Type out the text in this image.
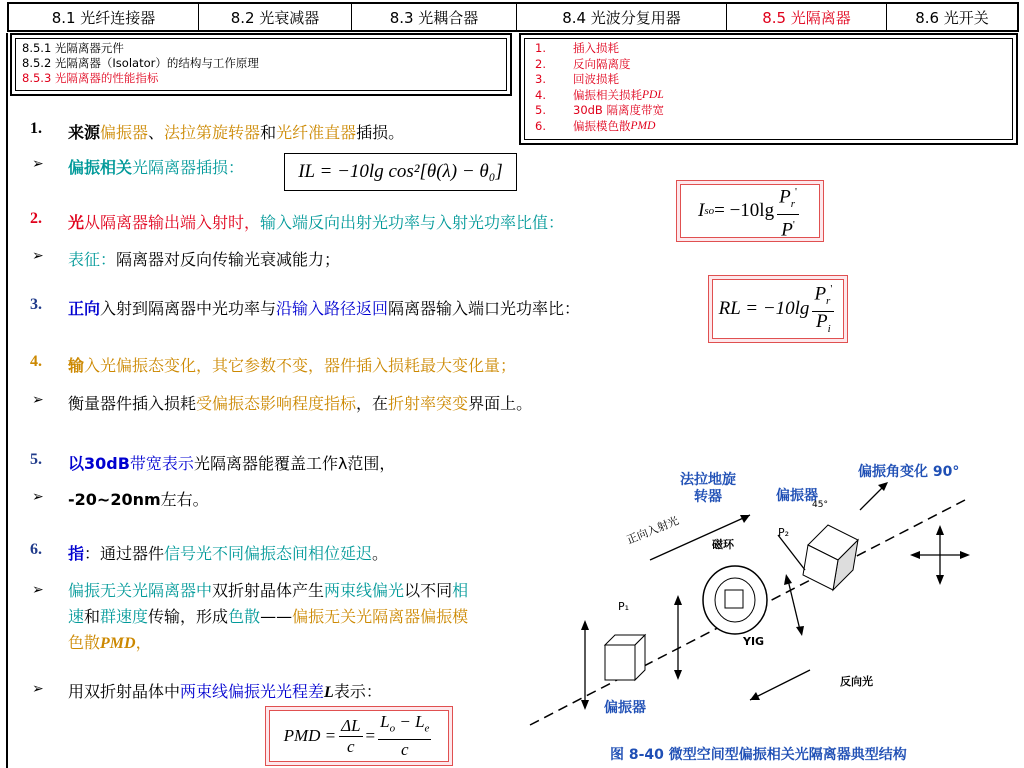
8.1 光纤连接器	8.2 光衰减器	8.3 光耦合器	8.4 光波分复用器	8.5 光隔离器	8.6 光开关
8.5.1 光隔离器元件
8.5.2 光隔离器（Isolator）的结构与工作原理
8.5.3 光隔离器的性能指标
1.	插入损耗
2.	反向隔离度
3.	回波损耗
4.	偏振相关损耗 PDL
5.	30dB 隔离度带宽
6.	偏振模色散 PMD
1. 来源偏振器、法拉第旋转器和光纤准直器插损。
➢ 偏振相关光隔离器插损：	IL = −10lg cos²[θ(λ) − θ₀]
2. 光从隔离器输出端入射时，输入端反向出射光功率与入射光功率比值：
I so = $-10\lg \frac{P_r'}{P'}$
➢ 表征：隔离器对反向传输光衰减能力；
3. 正向入射到隔离器中光功率与沿输入路径返回隔离器输入端口光功率比：	RL = $-10\lg \frac{P_r'}{P_i}$
4. 输入光偏振态变化，其它参数不变，器件插入损耗最大变化量；
➢ 衡量器件插入损耗受偏振态影响程度指标，在折射率突变界面上。
5. 以30dB带宽表示光隔离器能覆盖工作λ范围，
➢ -20~20nm左右。
6. 指：通过器件信号光不同偏振态间相位延迟。
➢ 偏振无关光隔离器中双折射晶体产生两束线偏光以不同相速和群速度传输，形成色散——偏振无关光隔离器偏振模色散PMD，
➢ 用双折射晶体中两束线偏振光光程差L表示：
PMD = $\frac{\Delta L}{c} = \frac{L_o - L_e}{c}$
法拉地旋
转器	偏振器
偏振角变化 90°
正向入射光	P₂
45°
磁环
P₁
YIG
反向光
偏振器
图 8-40 微型空间型偏振相关光隔离器典型结构
